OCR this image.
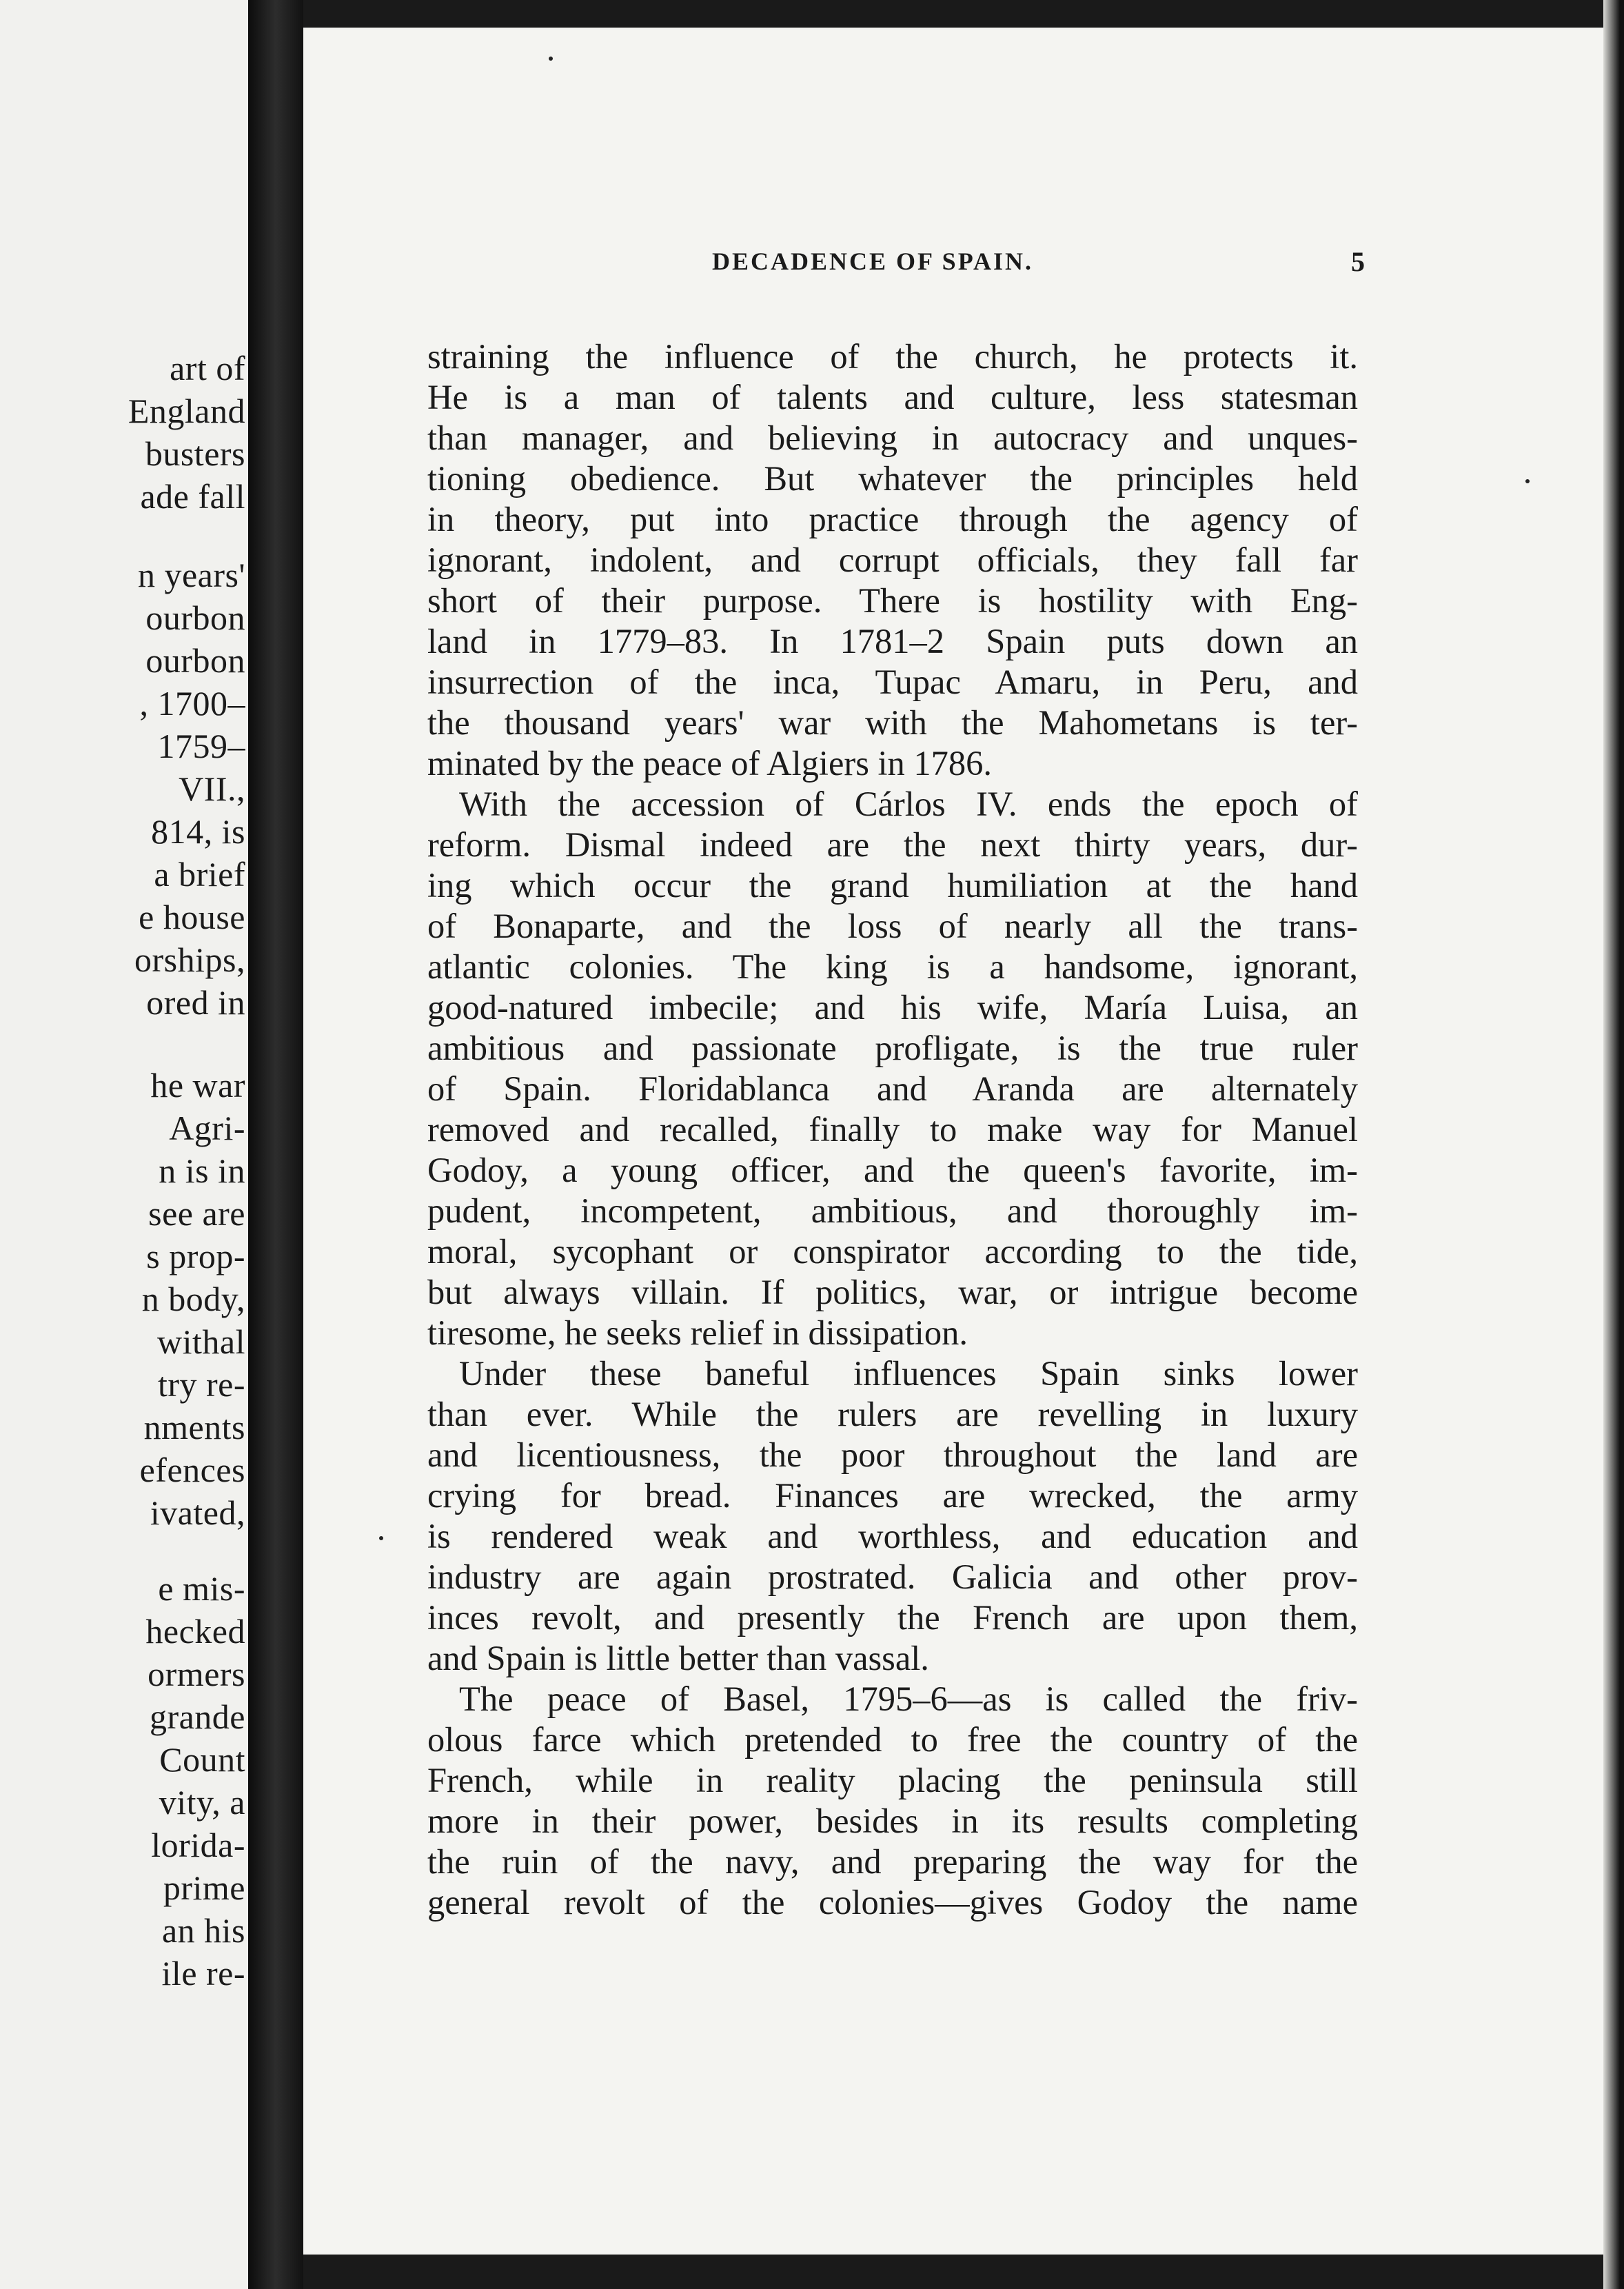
art of
England
busters
ade fall
n years'
ourbon
ourbon
, 1700–
1759–
VII.,
814, is
a brief
e house
orships,
ored in
he war
Agri-
n is in
see are
s prop-
n body,
withal
try re-
nments
efences
ivated,
e mis-
hecked
ormers
grande
Count
vity, a
lorida-
prime
an his
ile re-
DECADENCE OF SPAIN.	5
straining the influence of the church, he protects it.
He is a man of talents and culture, less statesman
than manager, and believing in autocracy and unques-
tioning obedience. But whatever the principles held
in theory, put into practice through the agency of
ignorant, indolent, and corrupt officials, they fall far
short of their purpose. There is hostility with Eng-
land in 1779–83. In 1781–2 Spain puts down an
insurrection of the inca, Tupac Amaru, in Peru, and
the thousand years' war with the Mahometans is ter-
minated by the peace of Algiers in 1786.
With the accession of Cárlos IV. ends the epoch of
reform. Dismal indeed are the next thirty years, dur-
ing which occur the grand humiliation at the hand
of Bonaparte, and the loss of nearly all the trans-
atlantic colonies. The king is a handsome, ignorant,
good-natured imbecile; and his wife, María Luisa, an
ambitious and passionate profligate, is the true ruler
of Spain. Floridablanca and Aranda are alternately
removed and recalled, finally to make way for Manuel
Godoy, a young officer, and the queen's favorite, im-
pudent, incompetent, ambitious, and thoroughly im-
moral, sycophant or conspirator according to the tide,
but always villain. If politics, war, or intrigue become
tiresome, he seeks relief in dissipation.
Under these baneful influences Spain sinks lower
than ever. While the rulers are revelling in luxury
and licentiousness, the poor throughout the land are
crying for bread. Finances are wrecked, the army
is rendered weak and worthless, and education and
industry are again prostrated. Galicia and other prov-
inces revolt, and presently the French are upon them,
and Spain is little better than vassal.
The peace of Basel, 1795–6—as is called the friv-
olous farce which pretended to free the country of the
French, while in reality placing the peninsula still
more in their power, besides in its results completing
the ruin of the navy, and preparing the way for the
general revolt of the colonies—gives Godoy the name
